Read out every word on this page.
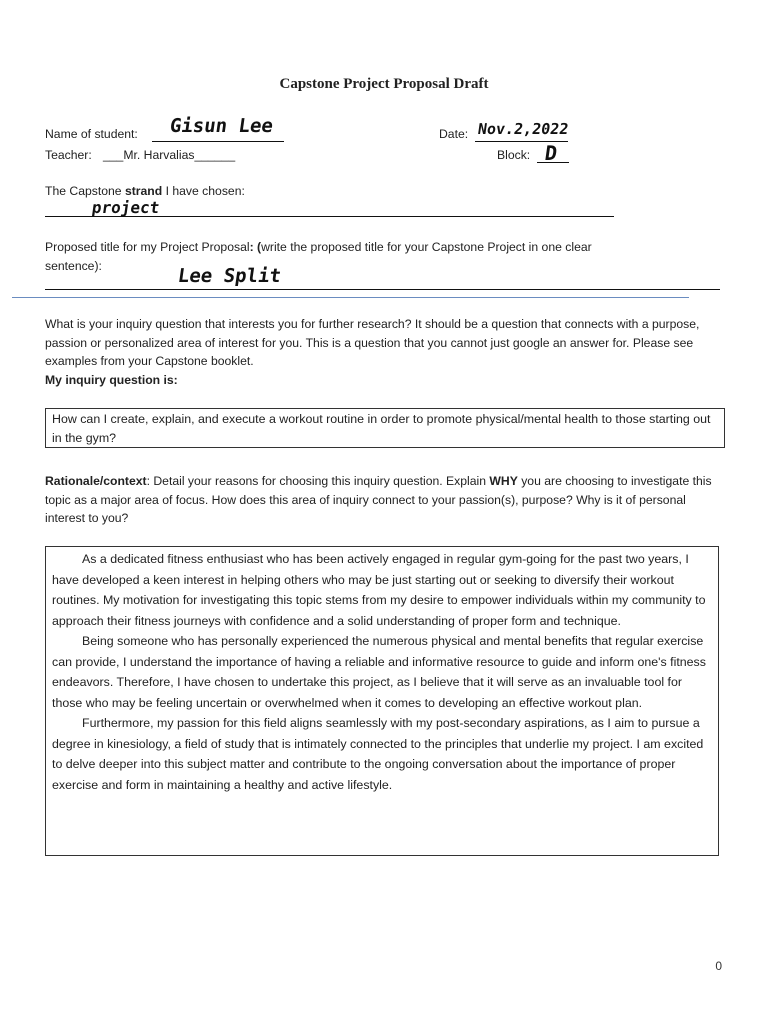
Capstone Project Proposal Draft
Name of student: Gisun Lee	Date: Nov.2,2022
Teacher: ___Mr. Harvalias______	Block: D
The Capstone strand I have chosen:
project
Proposed title for my Project Proposal: (write the proposed title for your Capstone Project in one clear
sentence):	Lee Split
What is your inquiry question that interests you for further research? It should be a question that connects with a purpose, passion or personalized area of interest for you. This is a question that you cannot just google an answer for. Please see examples from your Capstone booklet.
My inquiry question is:
How can I create, explain, and execute a workout routine in order to promote physical/mental health to those starting out in the gym?
Rationale/context: Detail your reasons for choosing this inquiry question. Explain WHY you are choosing to investigate this topic as a major area of focus. How does this area of inquiry connect to your passion(s), purpose? Why is it of personal interest to you?

As a dedicated fitness enthusiast who has been actively engaged in regular gym-going for the past two years, I have developed a keen interest in helping others who may be just starting out or seeking to diversify their workout routines. My motivation for investigating this topic stems from my desire to empower individuals within my community to approach their fitness journeys with confidence and a solid understanding of proper form and technique.

Being someone who has personally experienced the numerous physical and mental benefits that regular exercise can provide, I understand the importance of having a reliable and informative resource to guide and inform one's fitness endeavors. Therefore, I have chosen to undertake this project, as I believe that it will serve as an invaluable tool for those who may be feeling uncertain or overwhelmed when it comes to developing an effective workout plan.

Furthermore, my passion for this field aligns seamlessly with my post-secondary aspirations, as I aim to pursue a degree in kinesiology, a field of study that is intimately connected to the principles that underlie my project. I am excited to delve deeper into this subject matter and contribute to the ongoing conversation about the importance of proper exercise and form in maintaining a healthy and active lifestyle.

0
